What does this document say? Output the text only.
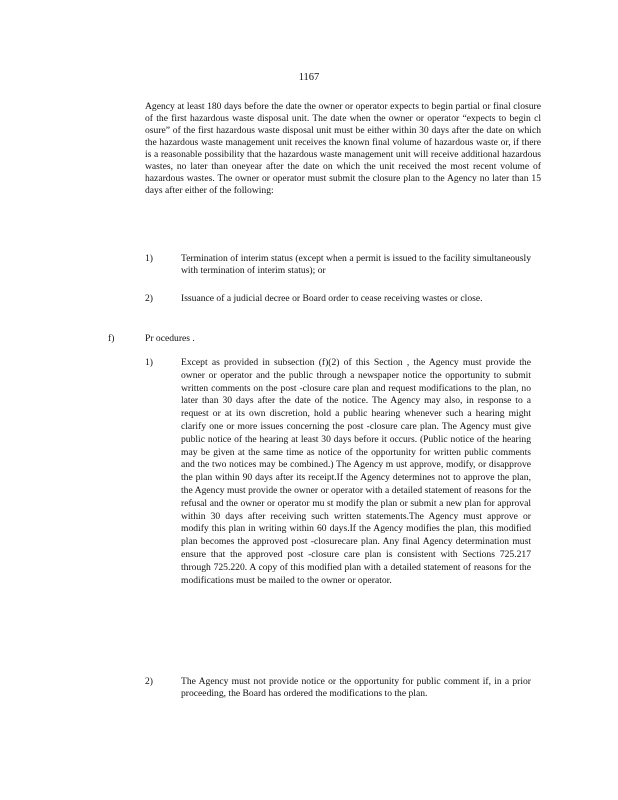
1167
Agency at least 180 days before the date the owner or operator expects to begin partial or final closure of the first hazardous waste disposal unit. The date when the owner or operator “expects to begin cl osure” of the first hazardous waste disposal unit must be either within 30 days after the date on which the hazardous waste management unit receives the known final volume of hazardous waste or, if there is a reasonable possibility that the hazardous waste management unit will receive additional hazardous wastes, no later than oneyear after the date on which the unit received the most recent volume of hazardous wastes. The owner or operator must submit the closure plan to the Agency no later than 15 days after either of the following:
1)	Termination of interim status (except when a permit is issued to the facility simultaneously with termination of interim status); or
2)	Issuance of a judicial decree or Board order to cease receiving wastes or close.
f)	Pr ocedures .
1)	Except as provided in subsection (f)(2) of this Section , the Agency must provide the owner or operator and the public through a newspaper notice the opportunity to submit written comments on the post -closure care plan and request modifications to the plan, no later than 30 days after the date of the notice. The Agency may also, in response to a request or at its own discretion, hold a public hearing whenever such a hearing might clarify one or more issues concerning the post -closure care plan. The Agency must give public notice of the hearing at least 30 days before it occurs. (Public notice of the hearing may be given at the same time as notice of the opportunity for written public comments and the two notices may be combined.) The Agency m ust approve, modify, or disapprove the plan within 90 days after its receipt.If the Agency determines not to approve the plan, the Agency must provide the owner or operator with a detailed statement of reasons for the refusal and the owner or operator mu st modify the plan or submit a new plan for approval within 30 days after receiving such written statements.The Agency must approve or modify this plan in writing within 60 days.If the Agency modifies the plan, this modified plan becomes the approved post -closurecare plan. Any final Agency determination must ensure that the approved post -closure care plan is consistent with Sections 725.217 through 725.220. A copy of this modified plan with a detailed statement of reasons for the modifications must be mailed to the owner or operator.
2)	The Agency must not provide notice or the opportunity for public comment if, in a prior proceeding, the Board has ordered the modifications to the plan.
